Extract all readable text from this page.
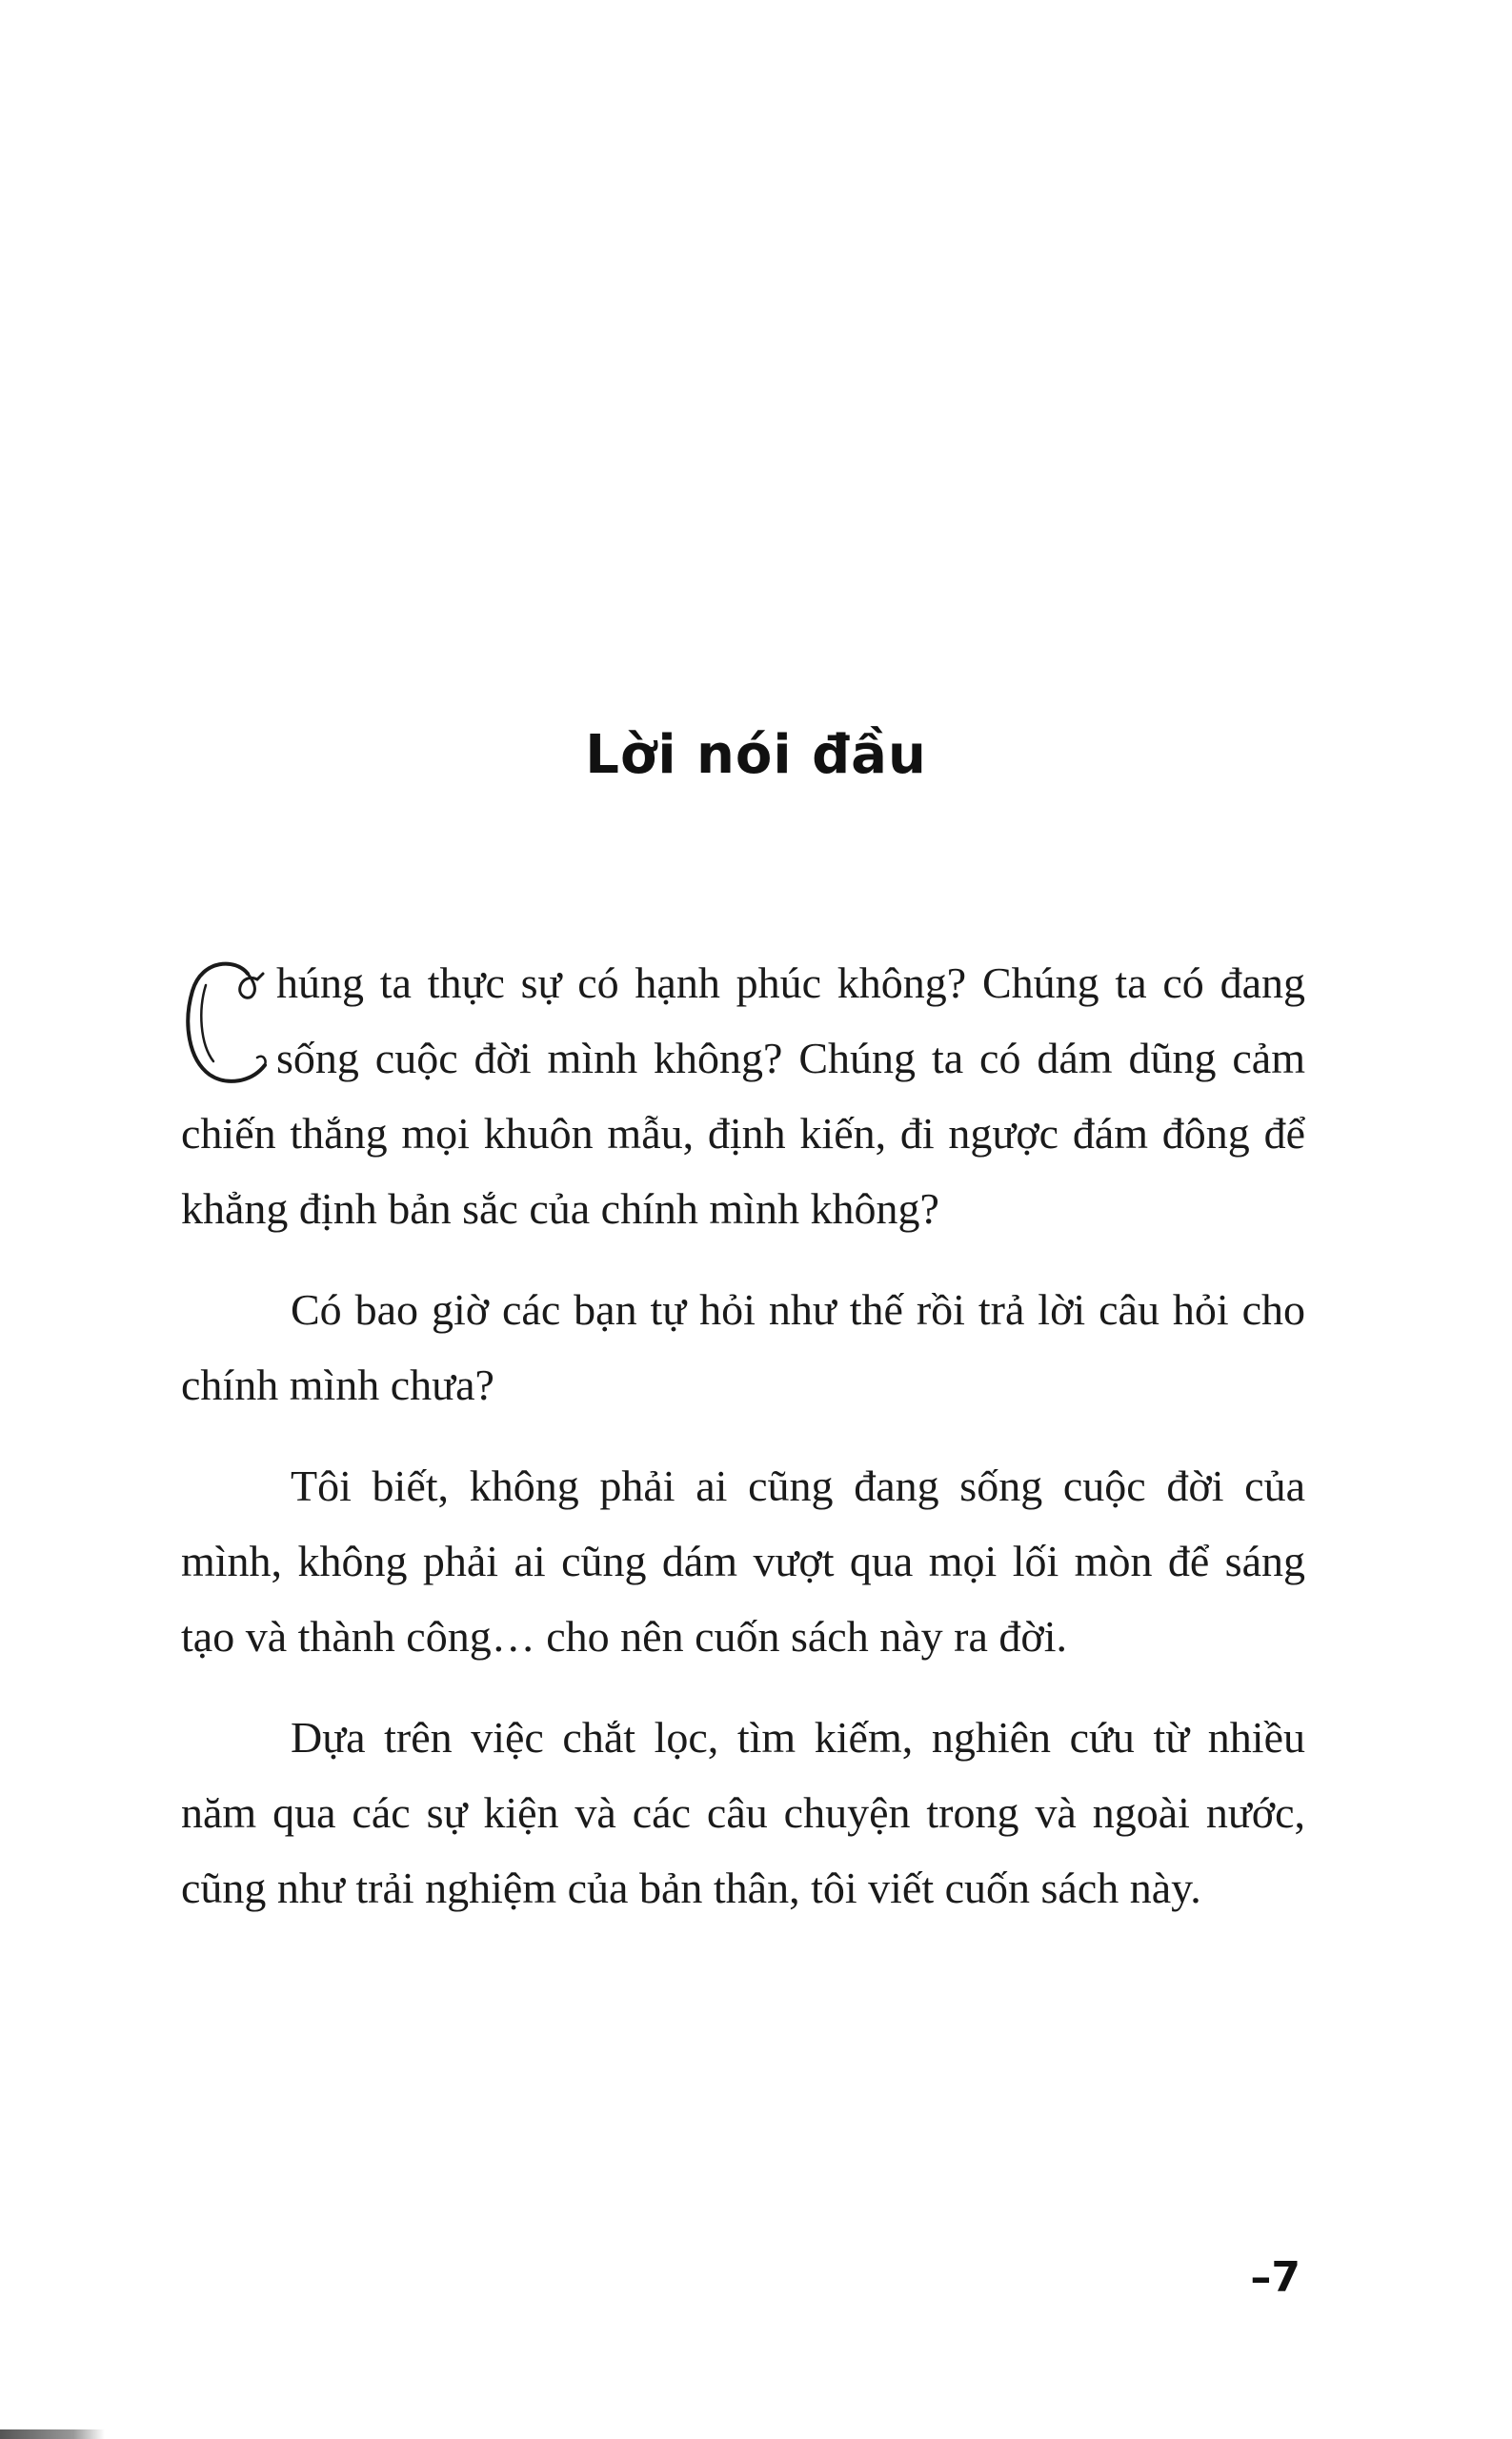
Lời nói đầu

húng ta thực sự có hạnh phúc không? Chúng ta có đang sống cuộc đời mình không? Chúng ta có dám dũng cảm chiến thắng mọi khuôn mẫu, định kiến, đi ngược đám đông để khẳng định bản sắc của chính mình không?

Có bao giờ các bạn tự hỏi như thế rồi trả lời câu hỏi cho chính mình chưa?

Tôi biết, không phải ai cũng đang sống cuộc đời của mình, không phải ai cũng dám vượt qua mọi lối mòn để sáng tạo và thành công… cho nên cuốn sách này ra đời.

Dựa trên việc chắt lọc, tìm kiếm, nghiên cứu từ nhiều năm qua các sự kiện và các câu chuyện trong và ngoài nước, cũng như trải nghiệm của bản thân, tôi viết cuốn sách này.

–7
